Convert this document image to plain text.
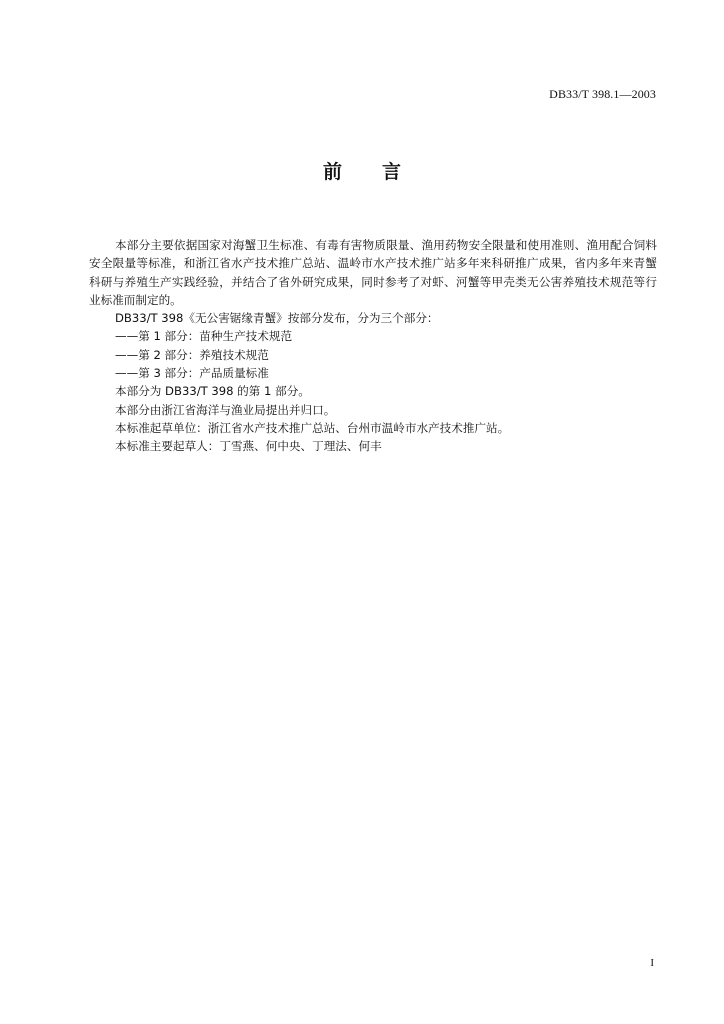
DB33/T 398.1—2003
前言

本部分主要依据国家对海蟹卫生标准、有毒有害物质限量、渔用药物安全限量和使用准则、渔用配合饲料安全限量等标准，和浙江省水产技术推广总站、温岭市水产技术推广站多年来科研推广成果，省内多年来青蟹科研与养殖生产实践经验，并结合了省外研究成果，同时参考了对虾、河蟹等甲壳类无公害养殖技术规范等行业标准而制定的。

DB33/T 398《无公害锯缘青蟹》按部分发布，分为三个部分：

——第 1 部分：苗种生产技术规范

——第 2 部分：养殖技术规范

——第 3 部分：产品质量标准

本部分为 DB33/T 398 的第 1 部分。

本部分由浙江省海洋与渔业局提出并归口。

本标准起草单位：浙江省水产技术推广总站、台州市温岭市水产技术推广站。

本标准主要起草人：丁雪燕、何中央、丁理法、何丰

I
